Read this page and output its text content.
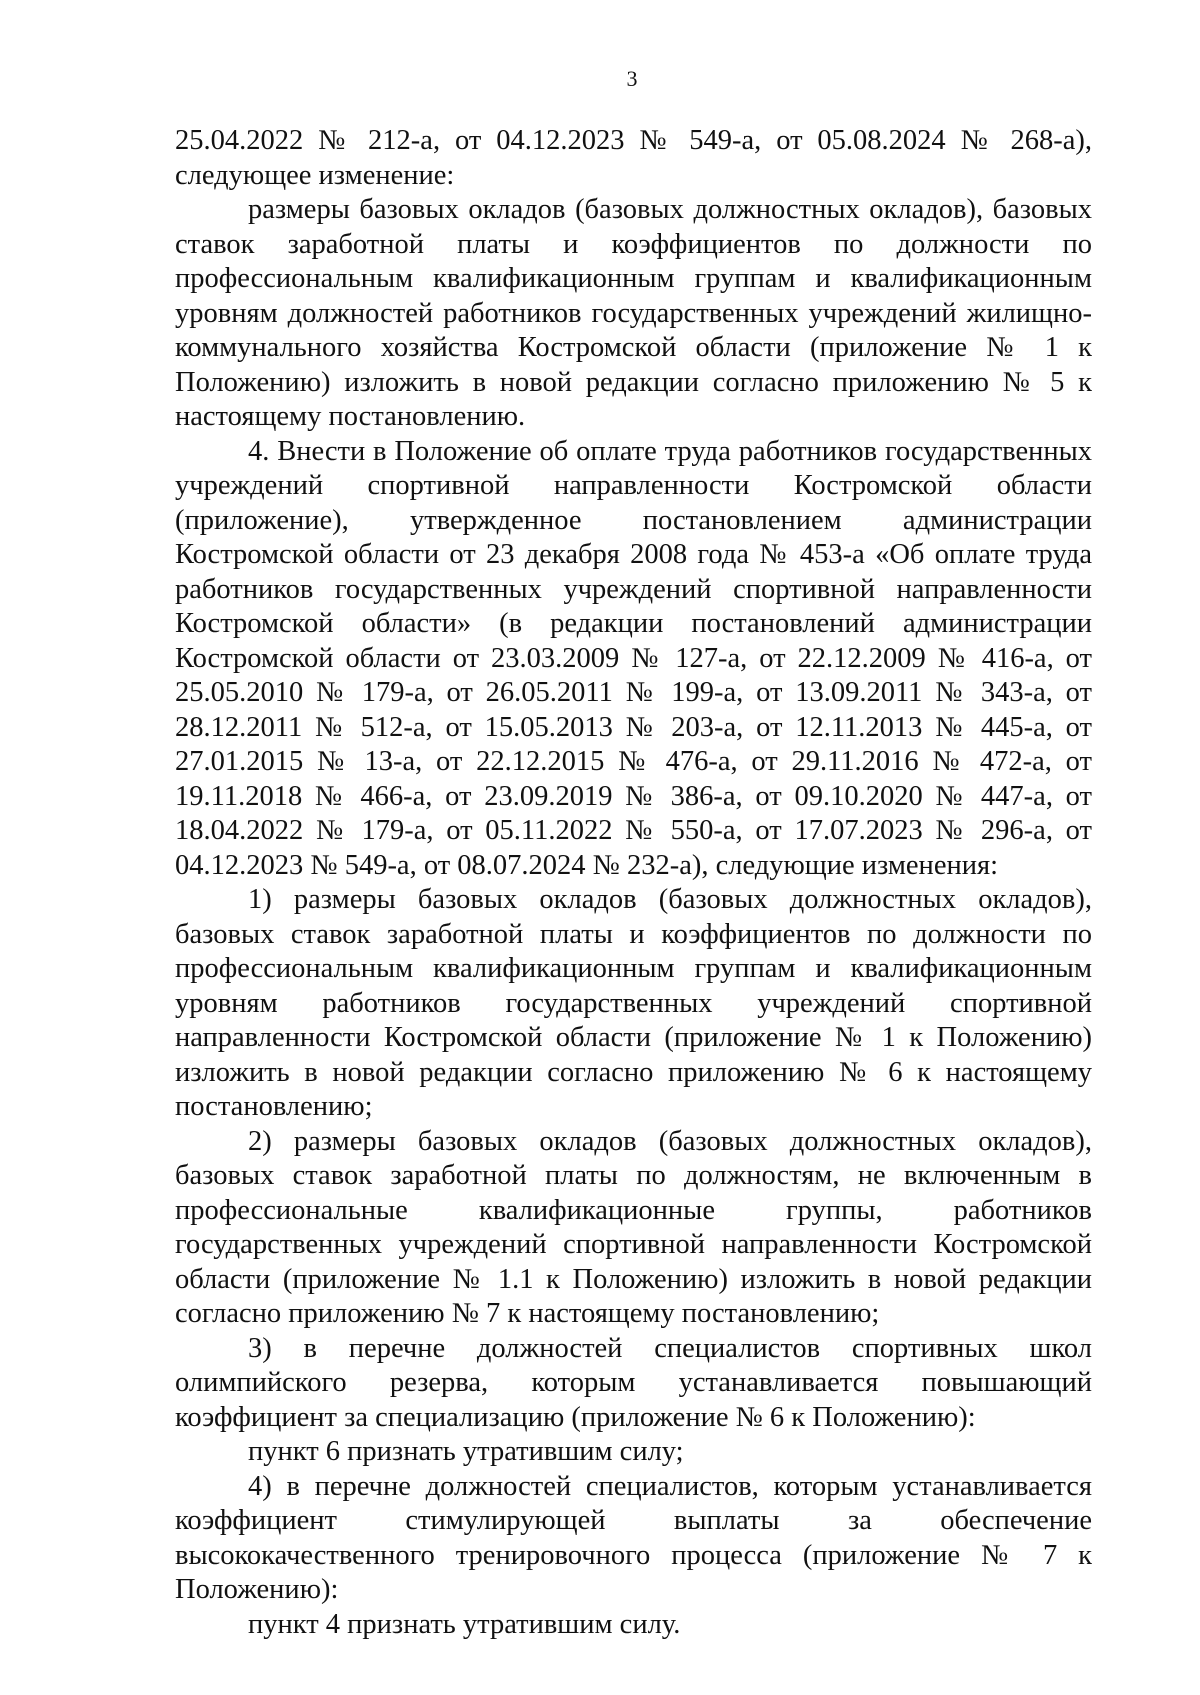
3

25.04.2022 № 212-а, от 04.12.2023 № 549-а, от 05.08.2024 № 268-а), следующее изменение:

размеры базовых окладов (базовых должностных окладов), базовых ставок заработной платы и коэффициентов по должности по профессиональным квалификационным группам и квалификационным уровням должностей работников государственных учреждений жилищно-коммунального хозяйства Костромской области (приложение № 1 к Положению) изложить в новой редакции согласно приложению № 5 к настоящему постановлению.

4. Внести в Положение об оплате труда работников государственных учреждений спортивной направленности Костромской области (приложение), утвержденное постановлением администрации Костромской области от 23 декабря 2008 года № 453-а «Об оплате труда работников государственных учреждений спортивной направленности Костромской области» (в редакции постановлений администрации Костромской области от 23.03.2009 № 127-а, от 22.12.2009 № 416-а, от 25.05.2010 № 179-а, от 26.05.2011 № 199-а, от 13.09.2011 № 343-а, от 28.12.2011 № 512-а, от 15.05.2013 № 203-а, от 12.11.2013 № 445-а, от 27.01.2015 № 13-а, от 22.12.2015 № 476-а, от 29.11.2016 № 472-а, от 19.11.2018 № 466-а, от 23.09.2019 № 386-а, от 09.10.2020 № 447-а, от 18.04.2022 № 179-а, от 05.11.2022 № 550-а, от 17.07.2023 № 296-а, от 04.12.2023 № 549-а, от 08.07.2024 № 232-а), следующие изменения:

1) размеры базовых окладов (базовых должностных окладов), базовых ставок заработной платы и коэффициентов по должности по профессиональным квалификационным группам и квалификационным уровням работников государственных учреждений спортивной направленности Костромской области (приложение № 1 к Положению) изложить в новой редакции согласно приложению № 6 к настоящему постановлению;

2) размеры базовых окладов (базовых должностных окладов), базовых ставок заработной платы по должностям, не включенным в профессиональные квалификационные группы, работников государственных учреждений спортивной направленности Костромской области (приложение № 1.1 к Положению) изложить в новой редакции согласно приложению № 7 к настоящему постановлению;

3) в перечне должностей специалистов спортивных школ олимпийского резерва, которым устанавливается повышающий коэффициент за специализацию (приложение № 6 к Положению):

пункт 6 признать утратившим силу;

4) в перечне должностей специалистов, которым устанавливается коэффициент стимулирующей выплаты за обеспечение высококачественного тренировочного процесса (приложение № 7 к Положению):

пункт 4 признать утратившим силу.
